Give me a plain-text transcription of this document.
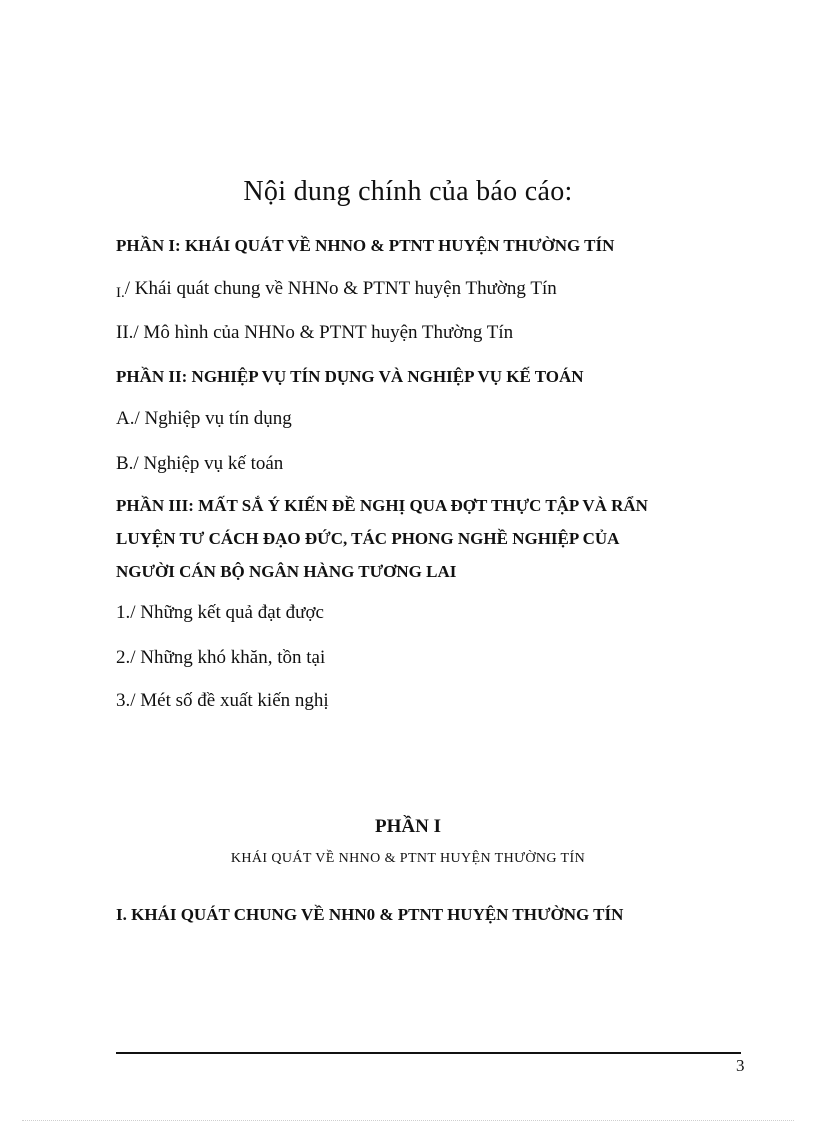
Nội dung chính của báo cáo:
PHẦN I: KHÁI QUÁT VỀ NHNO & PTNT HUYỆN THƯỜNG TÍN
I./ Khái quát chung về NHNo & PTNT huyện Thường Tín
II./ Mô hình của NHNo & PTNT huyện Thường Tín
PHẦN II: NGHIỆP VỤ TÍN DỤNG VÀ NGHIỆP VỤ KẾ TOÁN
A./ Nghiệp vụ tín dụng
B./ Nghiệp vụ kế toán
PHẦN III: MẤT SẮ Ý KIẾN ĐỀ NGHỊ QUA ĐỢT THỰC TẬP VÀ RẨN
LUYỆN TƯ CÁCH ĐẠO ĐỨC, TÁC PHONG NGHỀ NGHIỆP CỦA
NGƯỜI CÁN BỘ NGÂN HÀNG TƯƠNG LAI
1./ Những kết quả đạt được
2./ Những khó khăn, tồn tại
3./ Mét số đề xuất kiến nghị
PHẦN I
KHÁI QUÁT VỀ NHNO & PTNT HUYỆN THƯỜNG TÍN
I. KHÁI QUÁT CHUNG VỀ NHN0 & PTNT HUYỆN THƯỜNG TÍN
3
